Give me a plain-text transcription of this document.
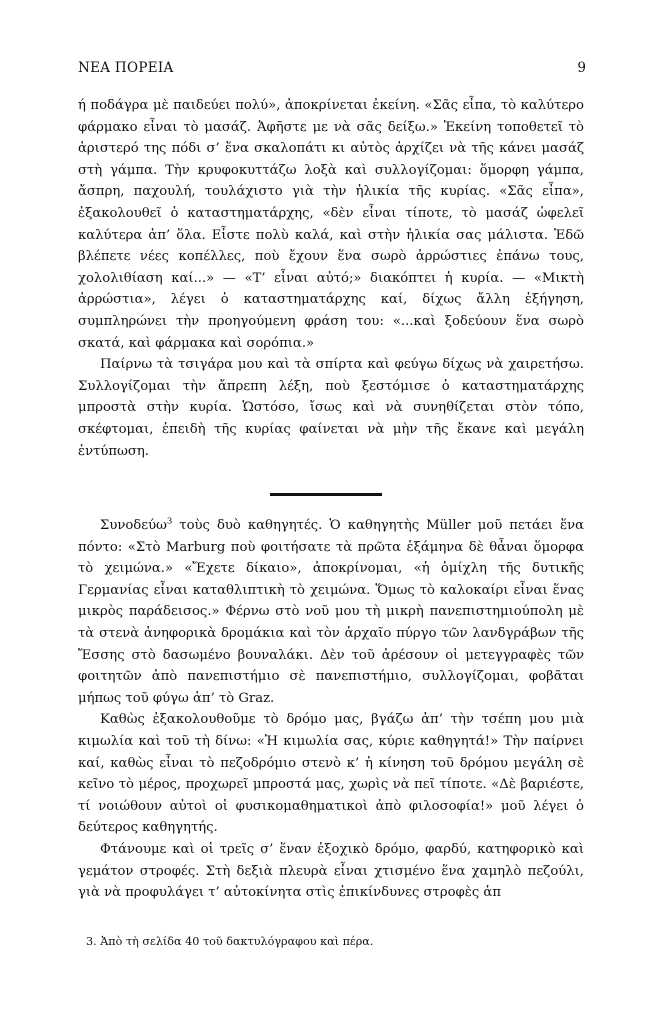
ΝΕΑ ΠΟΡΕΙΑ	9

ή ποδάγρα μὲ παιδεύει πολύ», ἀποκρίνεται ἐκείνη. «Σᾶς εἶπα, τὸ καλύτερο φάρμακο εἶναι τὸ μασάζ. Ἀφῆστε με νὰ σᾶς δείξω.» Ἐκείνη τοποθετεῖ τὸ ἀριστερό της πόδι σ’ ἕνα σκαλοπάτι κι αὐτὸς ἀρχίζει νὰ τῆς κάνει μασάζ στὴ γάμπα. Τὴν κρυφοκυττάζω λοξὰ καὶ συλλογίζομαι: ὅμορφη γάμπα, ἄσπρη, παχουλή, τουλάχιστο γιὰ τὴν ἡλικία τῆς κυρίας. «Σᾶς εἶπα», ἐξακολουθεῖ ὁ καταστηματάρχης, «δὲν εἶναι τίποτε, τὸ μασάζ ὠφελεῖ καλύτερα ἀπ’ ὅλα. Εἶστε πολὺ καλά, καὶ στὴν ἡλικία σας μάλιστα. Ἐδῶ βλέπετε νέες κοπέλλες, ποὺ ἔχουν ἕνα σωρὸ ἀρρώστιες ἐπάνω τους, χολολιθίαση καί...» — «Τ’ εἶναι αὐτό;» διακόπτει ἡ κυρία. — «Μικτὴ ἀρρώστια», λέγει ὁ καταστηματάρχης καί, δίχως ἄλλη ἐξήγηση, συμπληρώνει τὴν προηγούμενη φράση του: «...καὶ ξοδεύουν ἕνα σωρὸ σκατά, καὶ φάρμακα καὶ σορόπια.»

Παίρνω τὰ τσιγάρα μου καὶ τὰ σπίρτα καὶ φεύγω δίχως νὰ χαιρετήσω. Συλλογίζομαι τὴν ἄπρεπη λέξη, ποὺ ξεστόμισε ὁ καταστηματάρχης μπροστὰ στὴν κυρία. Ὡστόσο, ἴσως καὶ νὰ συνηθίζεται στὸν τόπο, σκέφτομαι, ἐπειδὴ τῆς κυρίας φαίνεται νὰ μὴν τῆς ἔκανε καὶ μεγάλη ἐντύπωση.

Συνοδεύω$^3$ τοὺς δυὸ καθηγητές. Ὁ καθηγητὴς Müller μοῦ πετάει ἕνα πόντο: «Στὸ Marburg ποὺ φοιτήσατε τὰ πρῶτα ἑξάμηνα δὲ θἆναι ὅμορφα τὸ χειμώνα.» «Ἔχετε δίκαιο», ἀποκρίνομαι, «ἡ ὁμίχλη τῆς δυτικῆς Γερμανίας εἶναι καταθλιπτικὴ τὸ χειμώνα. Ὅμως τὸ καλοκαίρι εἶναι ἕνας μικρὸς παράδεισος.» Φέρνω στὸ νοῦ μου τὴ μικρὴ πανεπιστημιούπολη μὲ τὰ στενὰ ἀνηφορικὰ δρομάκια καὶ τὸν ἀρχαῖο πύργο τῶν λανδγράβων τῆς Ἔσσης στὸ δασωμένο βουναλάκι. Δὲν τοῦ ἀρέσουν οἱ μετεγγραφὲς τῶν φοιτητῶν ἀπὸ πανεπιστήμιο σὲ πανεπιστήμιο, συλλογίζομαι, φοβᾶται μήπως τοῦ φύγω ἀπ’ τὸ Graz.

Καθὼς ἐξακολουθοῦμε τὸ δρόμο μας, βγάζω ἀπ’ τὴν τσέπη μου μιὰ κιμωλία καὶ τοῦ τὴ δίνω: «Ἡ κιμωλία σας, κύριε καθηγητά!» Τὴν παίρνει καί, καθὼς εἶναι τὸ πεζοδρόμιο στενὸ κ’ ἡ κίνηση τοῦ δρόμου μεγάλη σὲ κεῖνο τὸ μέρος, προχωρεῖ μπροστά μας, χωρὶς νὰ πεῖ τίποτε. «Δὲ βαριέστε, τί νοιώθουν αὐτοὶ οἱ φυσικομαθηματικοὶ ἀπὸ φιλοσοφία!» μοῦ λέγει ὁ δεύτερος καθηγητής.

Φτάνουμε καὶ οἱ τρεῖς σ’ ἕναν ἐξοχικὸ δρόμο, φαρδύ, κατηφορικὸ καὶ γεμάτον στροφές. Στὴ δεξιὰ πλευρὰ εἶναι χτισμένο ἕνα χαμηλὸ πεζούλι, γιὰ νὰ προφυλάγει τ’ αὐτοκίνητα στὶς ἐπικίνδυνες στροφὲς ἀπ

3. Ἀπὸ τὴ σελίδα 40 τοῦ δακτυλόγραφου καὶ πέρα.
